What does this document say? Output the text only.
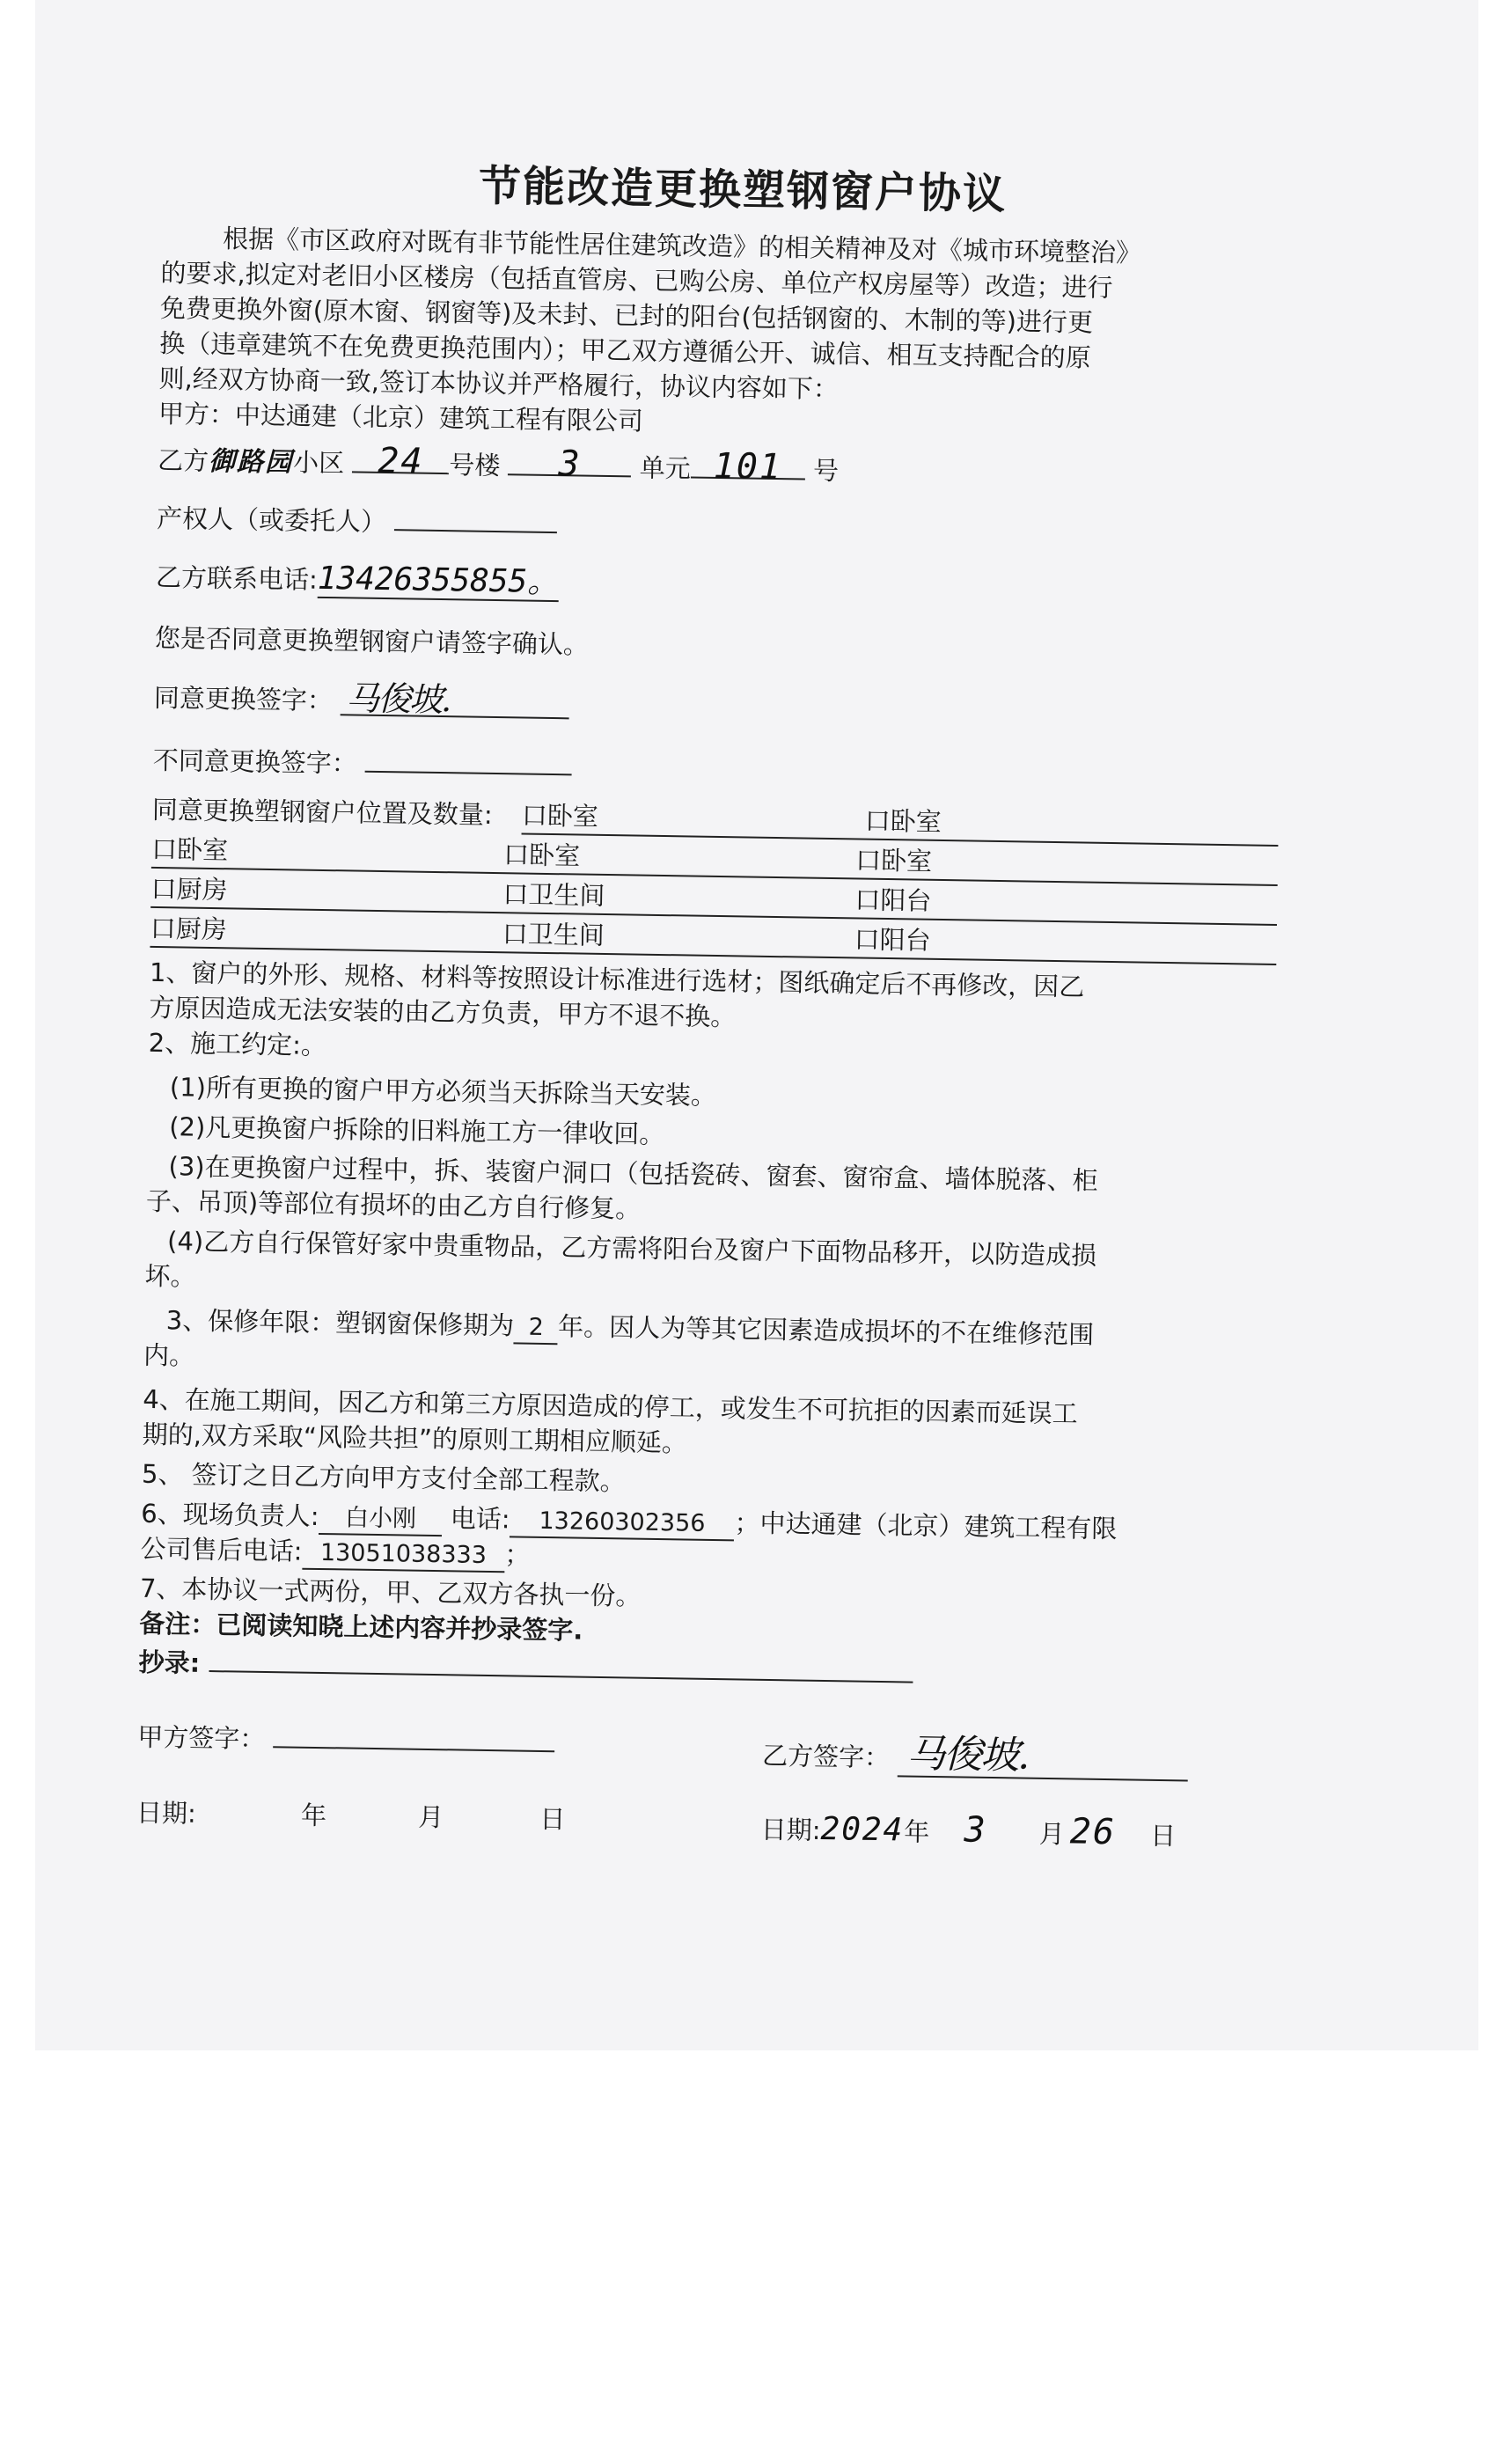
节能改造更换塑钢窗户协议
根据《市区政府对既有非节能性居住建筑改造》的相关精神及对《城市环境整治》
的要求,拟定对老旧小区楼房（包括直管房、已购公房、单位产权房屋等）改造；进行
免费更换外窗(原木窗、钢窗等)及未封、已封的阳台(包括钢窗的、木制的等)进行更
换（违章建筑不在免费更换范围内）；甲乙双方遵循公开、诚信、相互支持配合的原
则,经双方协商一致,签订本协议并严格履行，协议内容如下：
甲方：中达通建（北京）建筑工程有限公司
乙方御路园小区 24 号楼 3 单元 101 号
产权人（或委托人）
乙方联系电话:13426355855。
您是否同意更换塑钢窗户请签字确认。
同意更换签字： 马俊坡.
不同意更换签字：
同意更换塑钢窗户位置及数量: 口卧室	口卧室
口卧室	口卧室	口卧室
口厨房	口卫生间	口阳台
口厨房	口卫生间	口阳台
1、窗户的外形、规格、材料等按照设计标准进行选材；图纸确定后不再修改，因乙
方原因造成无法安装的由乙方负责，甲方不退不换。
2、施工约定:。
(1)所有更换的窗户甲方必须当天拆除当天安装。
(2)凡更换窗户拆除的旧料施工方一律收回。
(3)在更换窗户过程中，拆、装窗户洞口（包括瓷砖、窗套、窗帘盒、墙体脱落、柜
子、吊顶)等部位有损坏的由乙方自行修复。
(4)乙方自行保管好家中贵重物品，乙方需将阳台及窗户下面物品移开，以防造成损
坏。
3、保修年限：塑钢窗保修期为 2 年。因人为等其它因素造成损坏的不在维修范围
内。
4、在施工期间，因乙方和第三方原因造成的停工，或发生不可抗拒的因素而延误工
期的,双方采取“风险共担”的原则工期相应顺延。
5、 签订之日乙方向甲方支付全部工程款。
6、现场负责人: 白小刚 电话: 13260302356 ；中达通建（北京）建筑工程有限
公司售后电话: 13051038333 ；
7、本协议一式两份，甲、乙双方各执一份。
备注：已阅读知晓上述内容并抄录签字.
抄录:
甲方签字：
乙方签字： 马俊坡.
日期:	年	月	日	日期:2024年 3 月 26 日
